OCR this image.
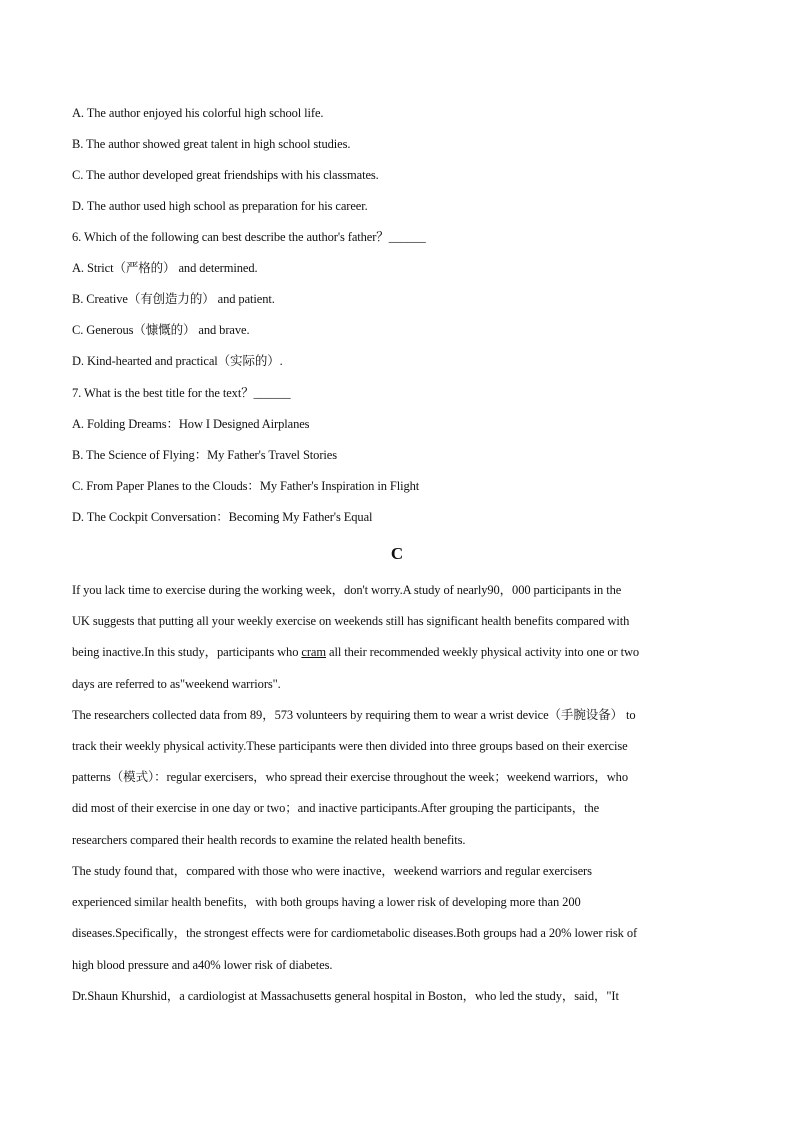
A. The author enjoyed his colorful high school life.
B. The author showed great talent in high school studies.
C. The author developed great friendships with his classmates.
D. The author used high school as preparation for his career.
6. Which of the following can best describe the author's father？______
A. Strict（严格的） and determined.
B. Creative（有创造力的） and patient.
C. Generous（慷慨的） and brave.
D. Kind-hearted and practical（实际的）.
7. What is the best title for the text？______
A. Folding Dreams：How I Designed Airplanes
B. The Science of Flying：My Father's Travel Stories
C. From Paper Planes to the Clouds：My Father's Inspiration in Flight
D. The Cockpit Conversation：Becoming My Father's Equal
C
If you lack time to exercise during the working week，don't worry.A study of nearly90，000 participants in the
UK suggests that putting all your weekly exercise on weekends still has significant health benefits compared with
being inactive.In this study，participants who cram all their recommended weekly physical activity into one or two
days are referred to as"weekend warriors".
The researchers collected data from 89，573 volunteers by requiring them to wear a wrist device（手腕设备） to
track their weekly physical activity.These participants were then divided into three groups based on their exercise
patterns（模式）：regular exercisers，who spread their exercise throughout the week；weekend warriors，who
did most of their exercise in one day or two；and inactive participants.After grouping the participants，the
researchers compared their health records to examine the related health benefits.
The study found that，compared with those who were inactive，weekend warriors and regular exercisers
experienced similar health benefits，with both groups having a lower risk of developing more than 200
diseases.Specifically，the strongest effects were for cardiometabolic diseases.Both groups had a 20% lower risk of
high blood pressure and a40% lower risk of diabetes.
Dr.Shaun Khurshid，a cardiologist at Massachusetts general hospital in Boston，who led the study，said，"It
